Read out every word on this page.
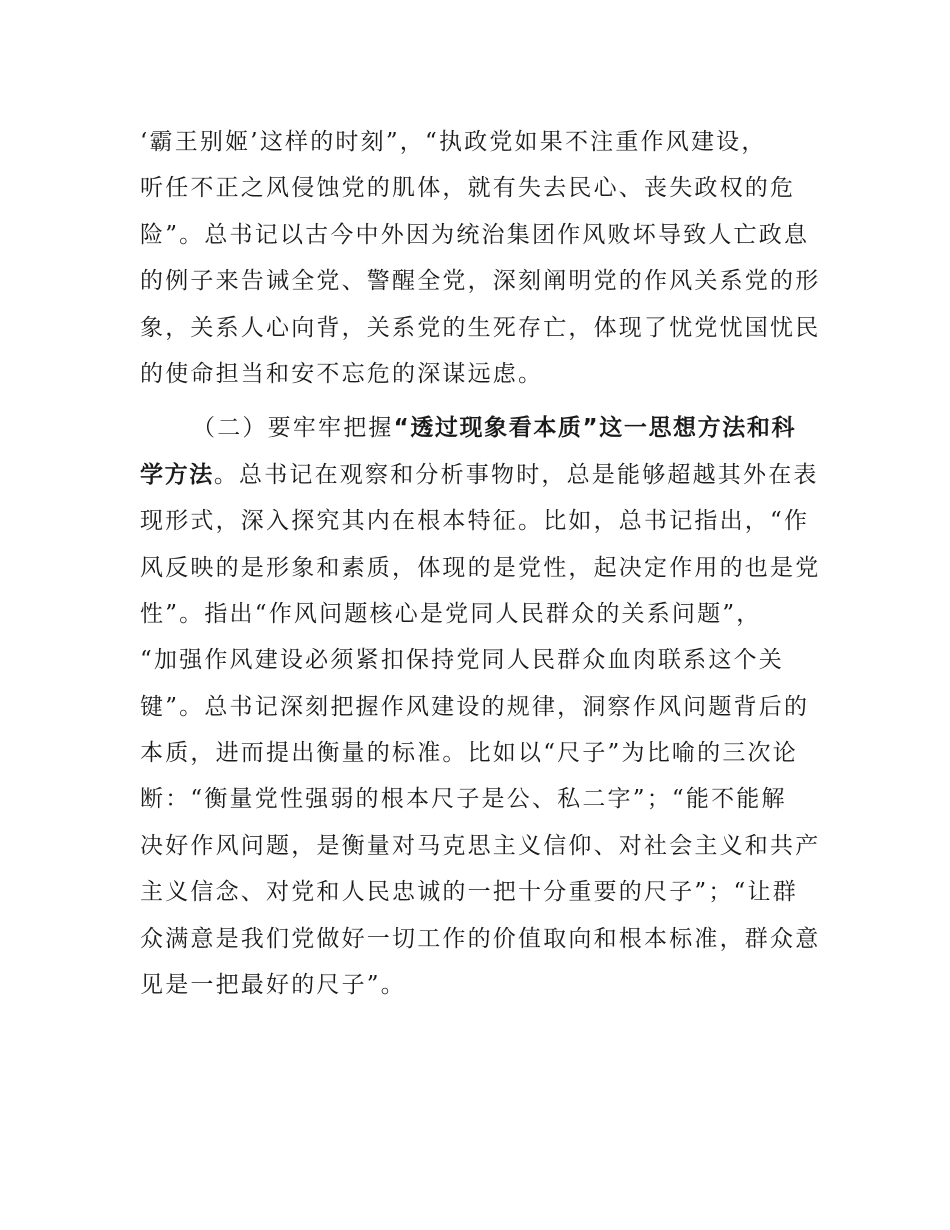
‘霸王别姬’这样的时刻”，“执政党如果不注重作风建设，
听任不正之风侵蚀党的肌体，就有失去民心、丧失政权的危
险”。总书记以古今中外因为统治集团作风败坏导致人亡政息
的例子来告诫全党、警醒全党，深刻阐明党的作风关系党的形
象，关系人心向背，关系党的生死存亡，体现了忧党忧国忧民
的使命担当和安不忘危的深谋远虑。
（二）要牢牢把握“透过现象看本质”这一思想方法和科
学方法。总书记在观察和分析事物时，总是能够超越其外在表
现形式，深入探究其内在根本特征。比如，总书记指出，“作
风反映的是形象和素质，体现的是党性，起决定作用的也是党
性”。指出“作风问题核心是党同人民群众的关系问题”，
“加强作风建设必须紧扣保持党同人民群众血肉联系这个关
键”。总书记深刻把握作风建设的规律，洞察作风问题背后的
本质，进而提出衡量的标准。比如以“尺子”为比喻的三次论
断：“衡量党性强弱的根本尺子是公、私二字”；“能不能解
决好作风问题，是衡量对马克思主义信仰、对社会主义和共产
主义信念、对党和人民忠诚的一把十分重要的尺子”；“让群
众满意是我们党做好一切工作的价值取向和根本标准，群众意
见是一把最好的尺子”。
